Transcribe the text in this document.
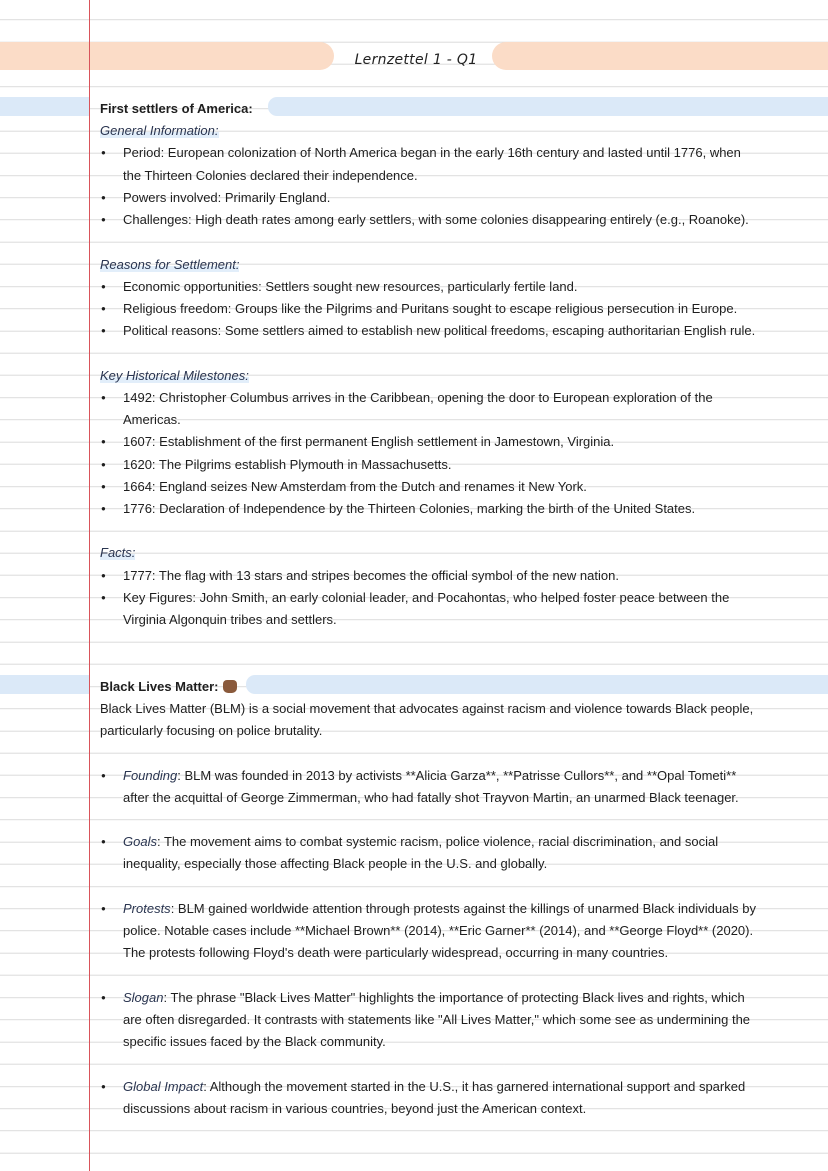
Lernzettel 1 - Q1
First settlers of America:
General Information:
● Period: European colonization of North America began in the early 16th century and lasted until 1776, when
the Thirteen Colonies declared their independence.
● Powers involved: Primarily England.
● Challenges: High death rates among early settlers, with some colonies disappearing entirely (e.g., Roanoke).
Reasons for Settlement:
● Economic opportunities: Settlers sought new resources, particularly fertile land.
● Religious freedom: Groups like the Pilgrims and Puritans sought to escape religious persecution in Europe.
● Political reasons: Some settlers aimed to establish new political freedoms, escaping authoritarian English rule.
Key Historical Milestones:
● 1492: Christopher Columbus arrives in the Caribbean, opening the door to European exploration of the
Americas.
● 1607: Establishment of the first permanent English settlement in Jamestown, Virginia.
● 1620: The Pilgrims establish Plymouth in Massachusetts.
● 1664: England seizes New Amsterdam from the Dutch and renames it New York.
● 1776: Declaration of Independence by the Thirteen Colonies, marking the birth of the United States.
Facts:
● 1777: The flag with 13 stars and stripes becomes the official symbol of the new nation.
● Key Figures: John Smith, an early colonial leader, and Pocahontas, who helped foster peace between the
Virginia Algonquin tribes and settlers.
Black Lives Matter:
Black Lives Matter (BLM) is a social movement that advocates against racism and violence towards Black people,
particularly focusing on police brutality.
● Founding: BLM was founded in 2013 by activists **Alicia Garza**, **Patrisse Cullors**, and **Opal Tometi**
after the acquittal of George Zimmerman, who had fatally shot Trayvon Martin, an unarmed Black teenager.
● Goals: The movement aims to combat systemic racism, police violence, racial discrimination, and social
inequality, especially those affecting Black people in the U.S. and globally.
● Protests: BLM gained worldwide attention through protests against the killings of unarmed Black individuals by
police. Notable cases include **Michael Brown** (2014), **Eric Garner** (2014), and **George Floyd** (2020).
The protests following Floyd's death were particularly widespread, occurring in many countries.
● Slogan: The phrase "Black Lives Matter" highlights the importance of protecting Black lives and rights, which
are often disregarded. It contrasts with statements like "All Lives Matter," which some see as undermining the
specific issues faced by the Black community.
● Global Impact: Although the movement started in the U.S., it has garnered international support and sparked
discussions about racism in various countries, beyond just the American context.
